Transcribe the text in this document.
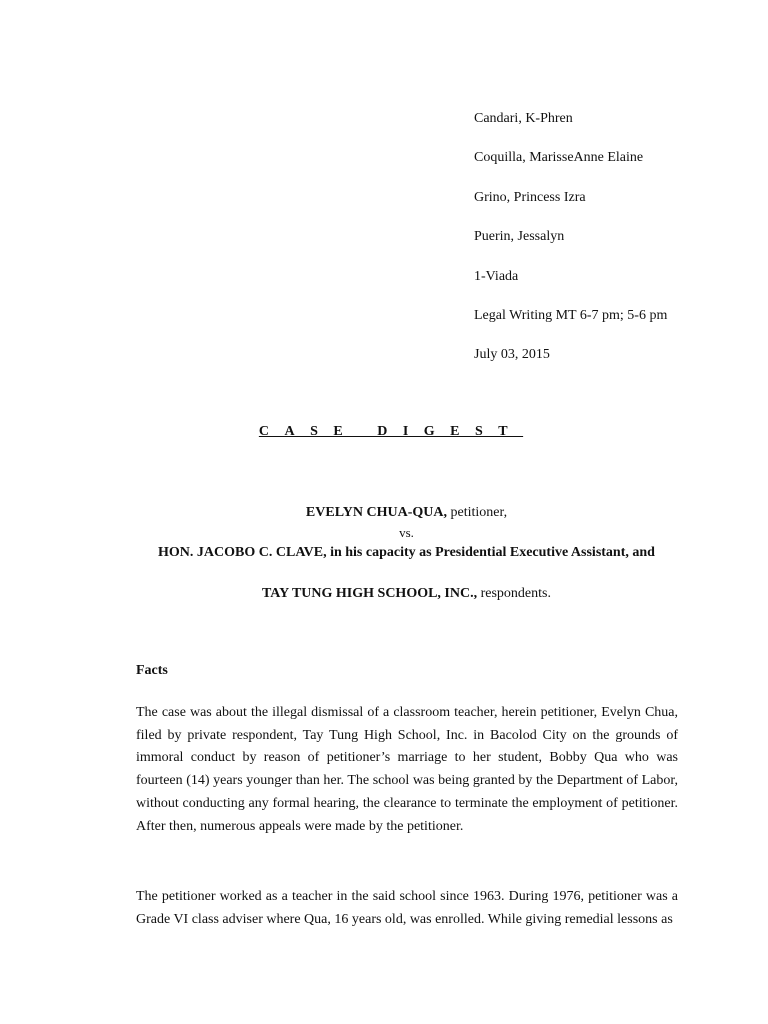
Candari, K-Phren
Coquilla, MarisseAnne Elaine
Grino, Princess Izra
Puerin, Jessalyn
1-Viada
Legal Writing MT 6-7 pm; 5-6 pm
July 03, 2015
CASE DIGEST
EVELYN CHUA-QUA, petitioner,
vs.
HON. JACOBO C. CLAVE, in his capacity as Presidential Executive Assistant, and
TAY TUNG HIGH SCHOOL, INC., respondents.
Facts

The case was about the illegal dismissal of a classroom teacher, herein petitioner, Evelyn Chua, filed by private respondent, Tay Tung High School, Inc. in Bacolod City on the grounds of immoral conduct by reason of petitioner’s marriage to her student, Bobby Qua who was fourteen (14) years younger than her. The school was being granted by the Department of Labor, without conducting any formal hearing, the clearance to terminate the employment of petitioner. After then, numerous appeals were made by the petitioner.

The petitioner worked as a teacher in the said school since 1963. During 1976, petitioner was a Grade VI class adviser where Qua, 16 years old, was enrolled. While giving remedial lessons as
